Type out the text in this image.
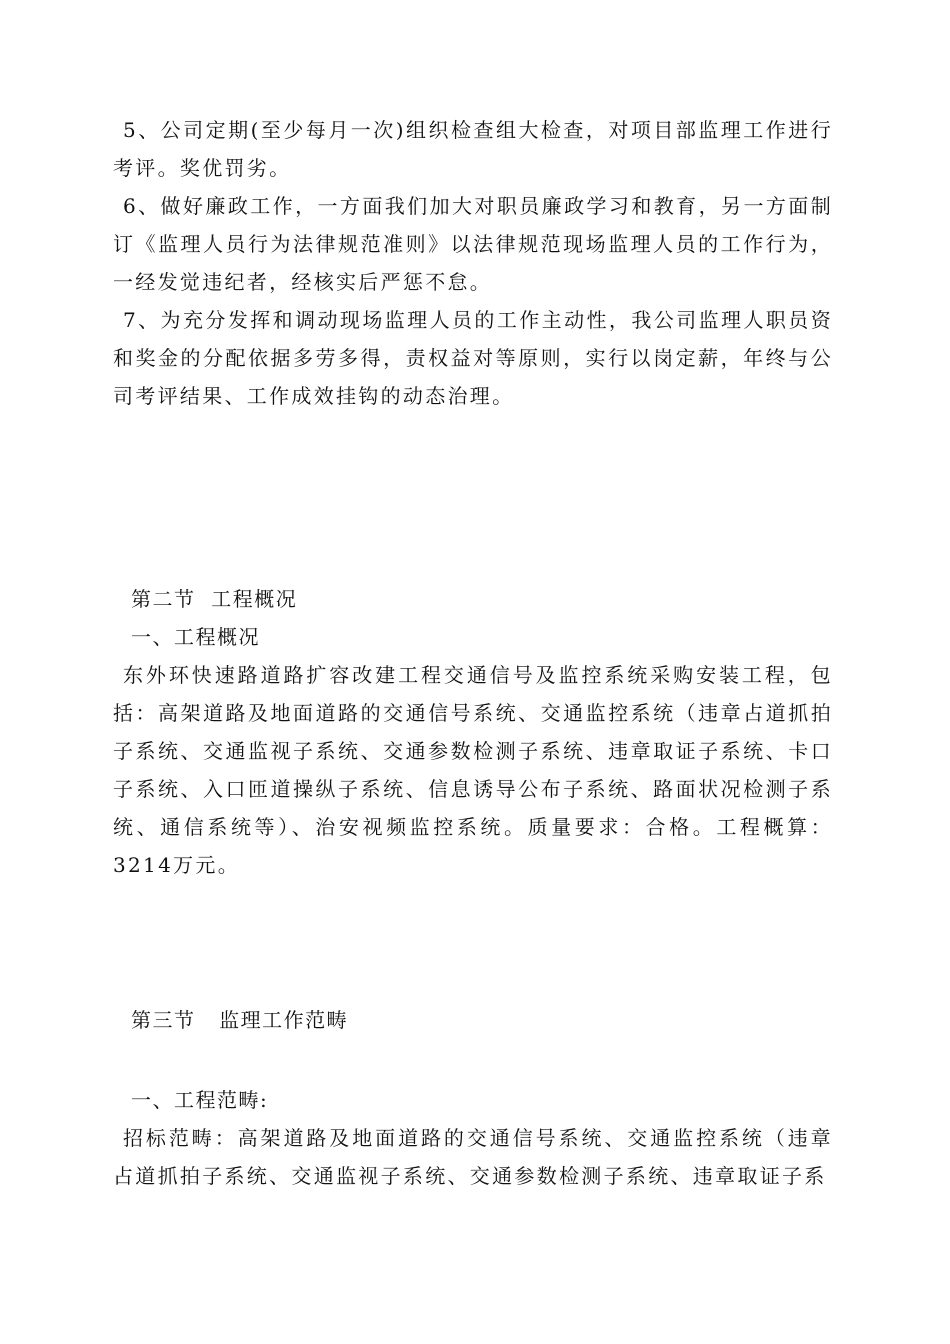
5、公司定期(至少每月一次)组织检查组大检查，对项目部监理工作进行考评。奖优罚劣。

6、做好廉政工作，一方面我们加大对职员廉政学习和教育，另一方面制订《监理人员行为法律规范准则》以法律规范现场监理人员的工作行为，一经发觉违纪者，经核实后严惩不怠。

7、为充分发挥和调动现场监理人员的工作主动性，我公司监理人职员资和奖金的分配依据多劳多得，责权益对等原则，实行以岗定薪，年终与公司考评结果、工作成效挂钩的动态治理。

第二节  工程概况

一、工程概况

东外环快速路道路扩容改建工程交通信号及监控系统采购安装工程，包括：高架道路及地面道路的交通信号系统、交通监控系统（违章占道抓拍子系统、交通监视子系统、交通参数检测子系统、违章取证子系统、卡口子系统、入口匝道操纵子系统、信息诱导公布子系统、路面状况检测子系统、通信系统等）、治安视频监控系统。质量要求：合格。工程概算：3214万元。

第三节   监理工作范畴

一、工程范畴:

招标范畴：高架道路及地面道路的交通信号系统、交通监控系统（违章占道抓拍子系统、交通监视子系统、交通参数检测子系统、违章取证子系
